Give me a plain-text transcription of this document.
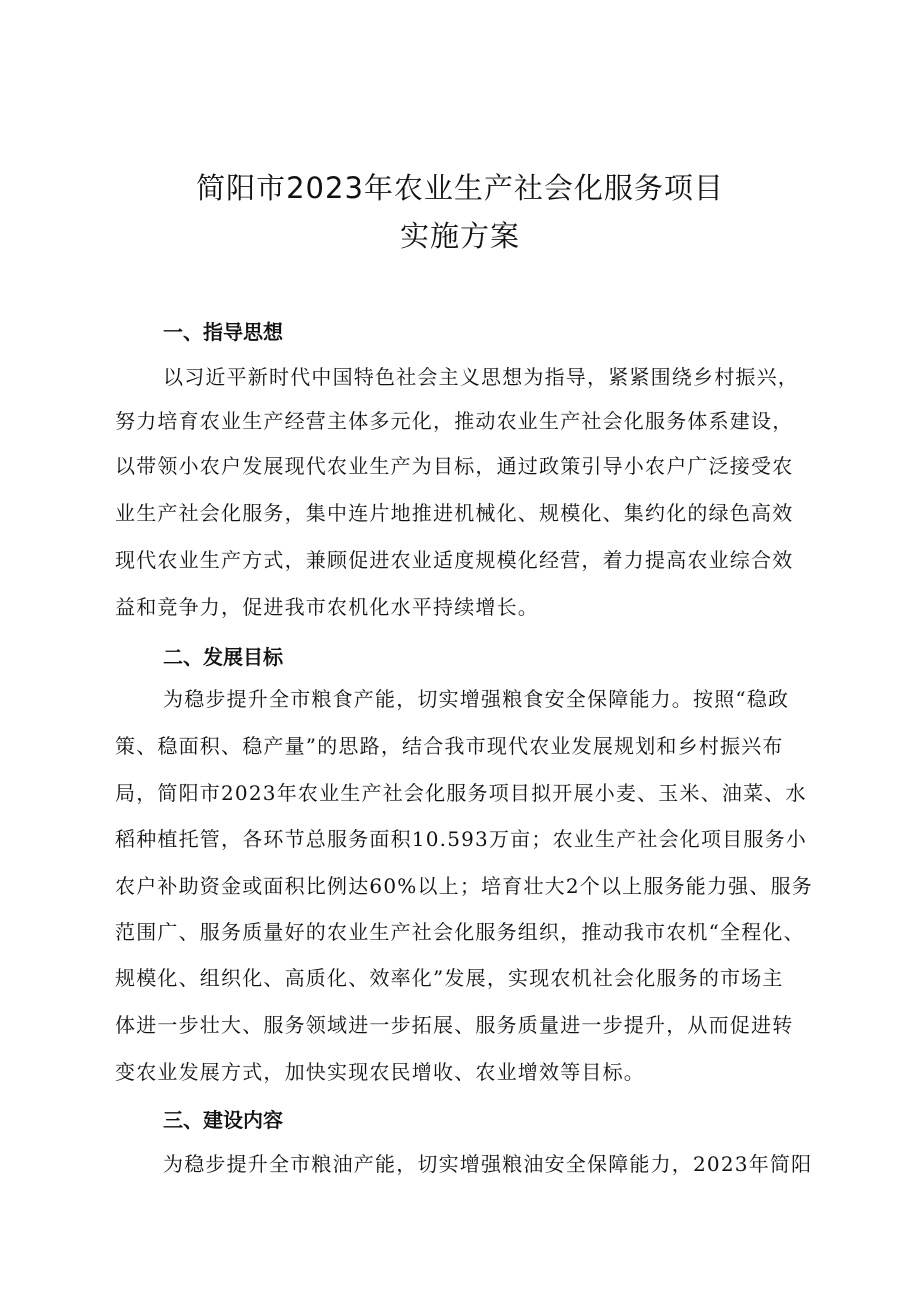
简阳市2023年农业生产社会化服务项目
实施方案
一、指导思想
以习近平新时代中国特色社会主义思想为指导，紧紧围绕乡村振兴，
努力培育农业生产经营主体多元化，推动农业生产社会化服务体系建设，
以带领小农户发展现代农业生产为目标，通过政策引导小农户广泛接受农
业生产社会化服务，集中连片地推进机械化、规模化、集约化的绿色高效
现代农业生产方式，兼顾促进农业适度规模化经营，着力提高农业综合效
益和竞争力，促进我市农机化水平持续增长。
二、发展目标
为稳步提升全市粮食产能，切实增强粮食安全保障能力。按照“稳政
策、稳面积、稳产量”的思路，结合我市现代农业发展规划和乡村振兴布
局，简阳市2023年农业生产社会化服务项目拟开展小麦、玉米、油菜、水
稻种植托管，各环节总服务面积10.593万亩；农业生产社会化项目服务小
农户补助资金或面积比例达60%以上；培育壮大2个以上服务能力强、服务
范围广、服务质量好的农业生产社会化服务组织，推动我市农机“全程化、
规模化、组织化、高质化、效率化”发展，实现农机社会化服务的市场主
体进一步壮大、服务领域进一步拓展、服务质量进一步提升，从而促进转
变农业发展方式，加快实现农民增收、农业增效等目标。
三、建设内容
为稳步提升全市粮油产能，切实增强粮油安全保障能力，2023年简阳
